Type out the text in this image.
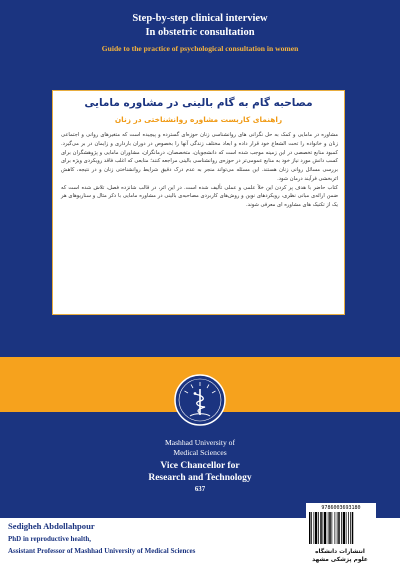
Step-by-step clinical interview
In obstetric consultation
Guide to the practice of psychological consultation in women
مصاحبه گام به گام بالینی در مشاوره مامایی
راهنمای کاربست مشاوره روانشناختی در زنان

مشاوره در مامایی و کمک به حل نگرانی های روانشناسی زنان حوزه‌ای گسترده و پیچیده است که متغیرهای روانی و اجتماعی زنان و خانواده را تحت الشعاع خود قرار داده و ابعاد مختلف زندگی آنها را بخصوص در دوران بارداری و زایمان در بر می‌گیرد. کمبود منابع تخصصی در این زمینه موجب شده است که دانشجویان، متخصصان، درمانگران، مشاوران مامایی و پژوهشگران برای کسب دانش مورد نیاز خود به منابع عمومی‌تر در حوزه‌ی روانشناسی بالینی مراجعه کنند؛ منابعی که اغلب فاقد رویکردی ویژه برای بررسی مسائل روانی زنان هستند. این مسئله می‌تواند منجر به عدم درک دقیق شرایط روانشناختی زنان و در نتیجه، کاهش اثربخشی فرآیند درمان شود.

کتاب حاضر با هدف پر کردن این خلأ علمی و عملی تألیف شده است. در این اثر، در قالب شانزده فصل، تلاش شده است که ضمن ارائه‌ی مبانی نظری، رویکردهای نوین و روش‌های کاربردی مصاحبه‌ی بالینی در مشاوره مامایی با ذکر مثال و سناریوهای هر یک از تکنیک های مشاوره ای معرفی شوند.

Mashhad University of
Medical Sciences
Vice Chancellor for
Research and Technology
637
9786003693180
انتشارات دانشگاه
علوم پزشکی مشهد
Sedigheh Abdollahpour
PhD in reproductive health,
Assistant Professor of Mashhad University of Medical Sciences
